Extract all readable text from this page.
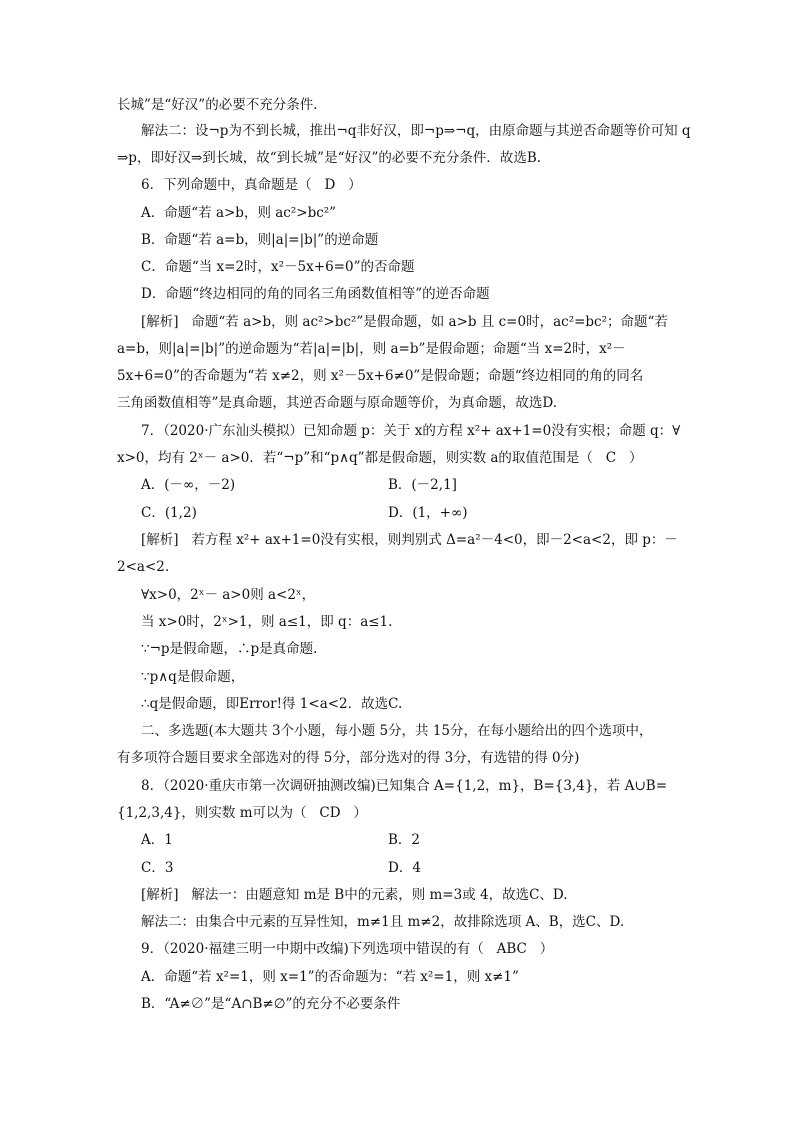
长城”是“好汉”的必要不充分条件．
解法二：设¬p为不到长城，推出¬q非好汉，即¬p⇒¬q，由原命题与其逆否命题等价可知 q
⇒p，即好汉⇒到长城，故“到长城”是“好汉”的必要不充分条件．故选B.
6．下列命题中，真命题是（   D   ）
A．命题“若 a>b，则 ac²>bc²”
B．命题“若 a=b，则|a|=|b|”的逆命题
C．命题“当 x=2时，x²－5x+6=0”的否命题
D．命题“终边相同的角的同名三角函数值相等”的逆否命题
[解析]   命题“若 a>b，则 ac²>bc²”是假命题，如 a>b 且 c=0时，ac²=bc²；命题“若
a=b，则|a|=|b|”的逆命题为“若|a|=|b|，则 a=b”是假命题；命题“当 x=2时，x²－
5x+6=0”的否命题为“若 x≠2，则 x²－5x+6≠0”是假命题；命题“终边相同的角的同名
三角函数值相等”是真命题，其逆否命题与原命题等价，为真命题，故选D.
7．（2020·广东汕头模拟）已知命题 p：关于 x的方程 x²+ ax+1=0没有实根；命题 q：∀
x>0，均有 2ˣ－ a>0．若“¬p”和“p∧q”都是假命题，则实数 a的取值范围是（   C   ）
A．(－∞，－2)	B．(－2,1]
C．(1,2)	D．(1，+∞)
[解析]   若方程 x²+ ax+1=0没有实根，则判别式 Δ=a²－4<0，即－2<a<2，即 p：－
2<a<2.
∀x>0，2ˣ－ a>0则 a<2ˣ，
当 x>0时，2ˣ>1，则 a≤1，即 q：a≤1.
∵¬p是假命题，∴p是真命题.
∵p∧q是假命题，
∴q是假命题，即Error!得 1<a<2．故选C.
二、多选题(本大题共 3个小题，每小题 5分，共 15分，在每小题给出的四个选项中，
有多项符合题目要求全部选对的得 5分，部分选对的得 3分，有选错的得 0分)
8．（2020·重庆市第一次调研抽测改编)已知集合 A={1,2，m}，B={3,4}，若 A∪B=
{1,2,3,4}，则实数 m可以为（   CD   ）
A．1	B．2
C．3	D．4
[解析]   解法一：由题意知 m是 B中的元素，则 m=3或 4，故选C、D.
解法二：由集合中元素的互异性知，m≠1且 m≠2，故排除选项 A、B，选C、D.
9．（2020·福建三明一中期中改编)下列选项中错误的有（   ABC   ）
A．命题“若 x²=1，则 x=1”的否命题为：“若 x²=1，则 x≠1”
B．“A≠∅”是“A∩B≠∅”的充分不必要条件
